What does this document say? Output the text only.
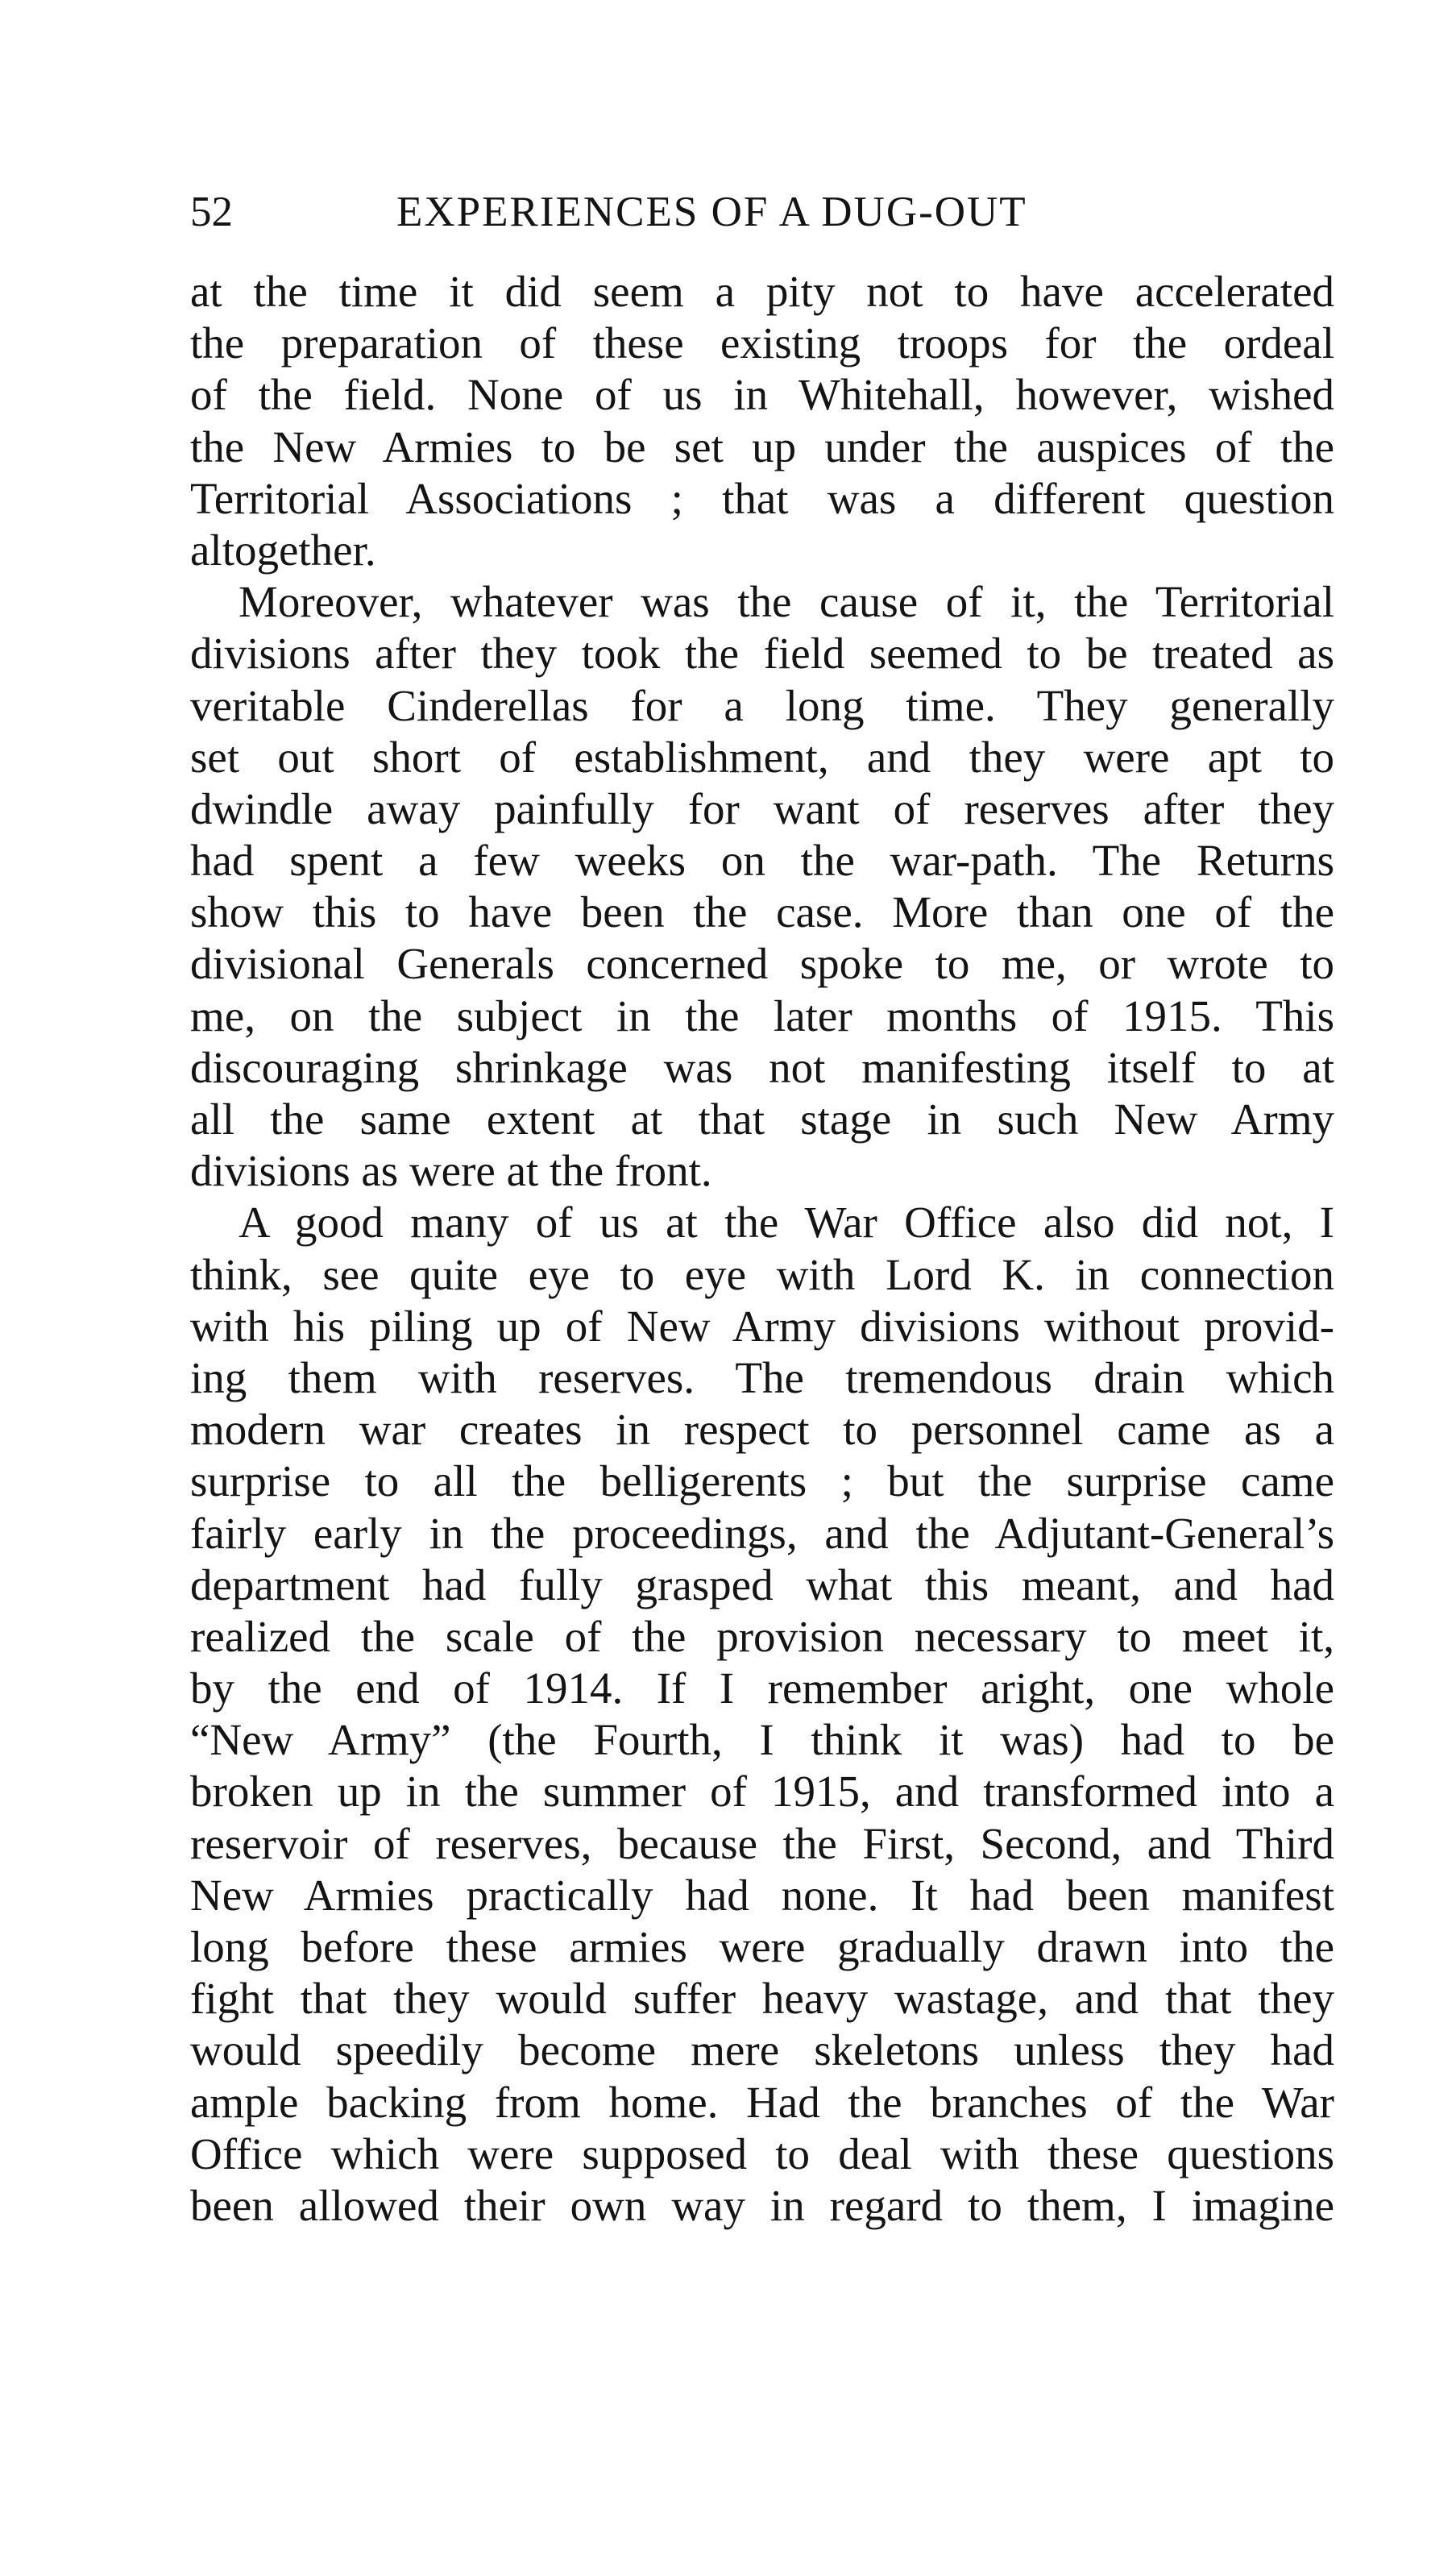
52	EXPERIENCES OF A DUG-OUT
at the time it did seem a pity not to have accelerated
the preparation of these existing troops for the ordeal
of the field. None of us in Whitehall, however, wished
the New Armies to be set up under the auspices of the
Territorial Associations ; that was a different question
altogether.
Moreover, whatever was the cause of it, the Territorial
divisions after they took the field seemed to be treated as
veritable Cinderellas for a long time. They generally
set out short of establishment, and they were apt to
dwindle away painfully for want of reserves after they
had spent a few weeks on the war-path. The Returns
show this to have been the case. More than one of the
divisional Generals concerned spoke to me, or wrote to
me, on the subject in the later months of 1915. This
discouraging shrinkage was not manifesting itself to at
all the same extent at that stage in such New Army
divisions as were at the front.
A good many of us at the War Office also did not, I
think, see quite eye to eye with Lord K. in connection
with his piling up of New Army divisions without provid-
ing them with reserves. The tremendous drain which
modern war creates in respect to personnel came as a
surprise to all the belligerents ; but the surprise came
fairly early in the proceedings, and the Adjutant-General’s
department had fully grasped what this meant, and had
realized the scale of the provision necessary to meet it,
by the end of 1914. If I remember aright, one whole
“New Army” (the Fourth, I think it was) had to be
broken up in the summer of 1915, and transformed into a
reservoir of reserves, because the First, Second, and Third
New Armies practically had none. It had been manifest
long before these armies were gradually drawn into the
fight that they would suffer heavy wastage, and that they
would speedily become mere skeletons unless they had
ample backing from home. Had the branches of the War
Office which were supposed to deal with these questions
been allowed their own way in regard to them, I imagine
